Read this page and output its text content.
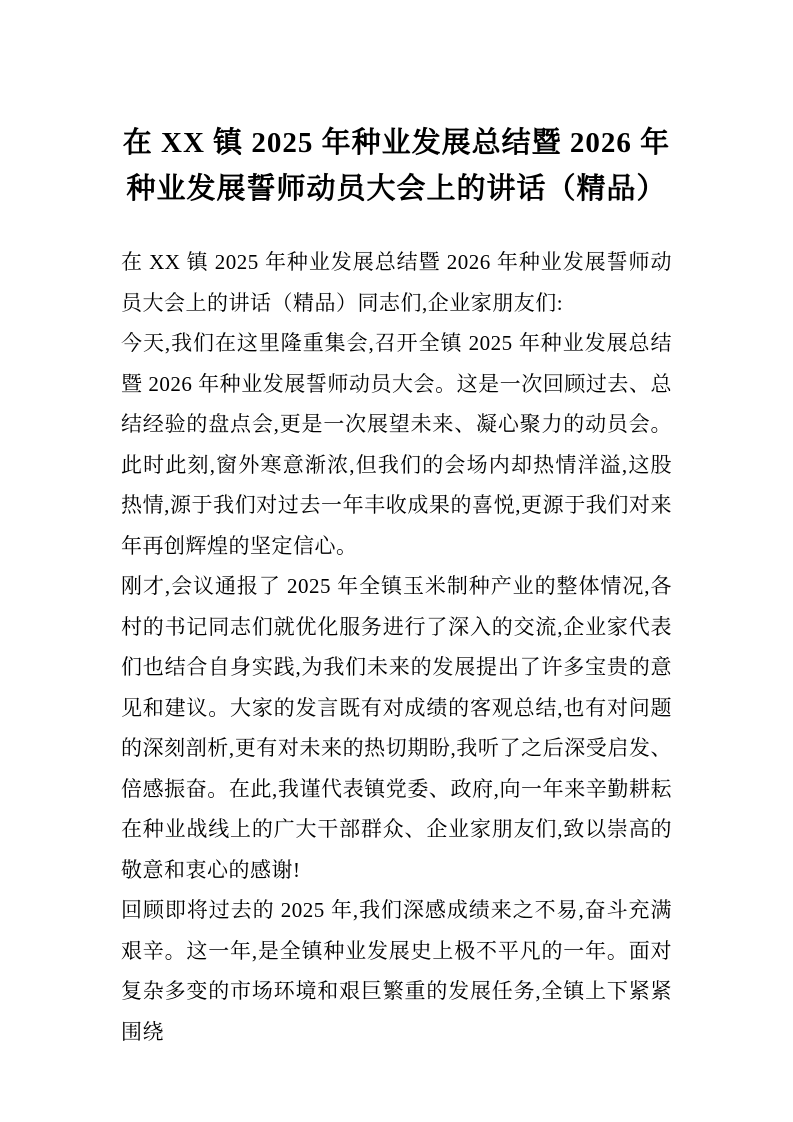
在 XX 镇 2025 年种业发展总结暨 2026 年种业发展誓师动员大会上的讲话（精品）

在 XX 镇 2025 年种业发展总结暨 2026 年种业发展誓师动员大会上的讲话（精品）同志们,企业家朋友们:

今天,我们在这里隆重集会,召开全镇 2025 年种业发展总结暨 2026 年种业发展誓师动员大会。这是一次回顾过去、总结经验的盘点会,更是一次展望未来、凝心聚力的动员会。此时此刻,窗外寒意渐浓,但我们的会场内却热情洋溢,这股热情,源于我们对过去一年丰收成果的喜悦,更源于我们对来年再创辉煌的坚定信心。

刚才,会议通报了 2025 年全镇玉米制种产业的整体情况,各村的书记同志们就优化服务进行了深入的交流,企业家代表们也结合自身实践,为我们未来的发展提出了许多宝贵的意见和建议。大家的发言既有对成绩的客观总结,也有对问题的深刻剖析,更有对未来的热切期盼,我听了之后深受启发、倍感振奋。在此,我谨代表镇党委、政府,向一年来辛勤耕耘在种业战线上的广大干部群众、企业家朋友们,致以崇高的敬意和衷心的感谢!

回顾即将过去的 2025 年,我们深感成绩来之不易,奋斗充满艰辛。这一年,是全镇种业发展史上极不平凡的一年。面对复杂多变的市场环境和艰巨繁重的发展任务,全镇上下紧紧围绕
